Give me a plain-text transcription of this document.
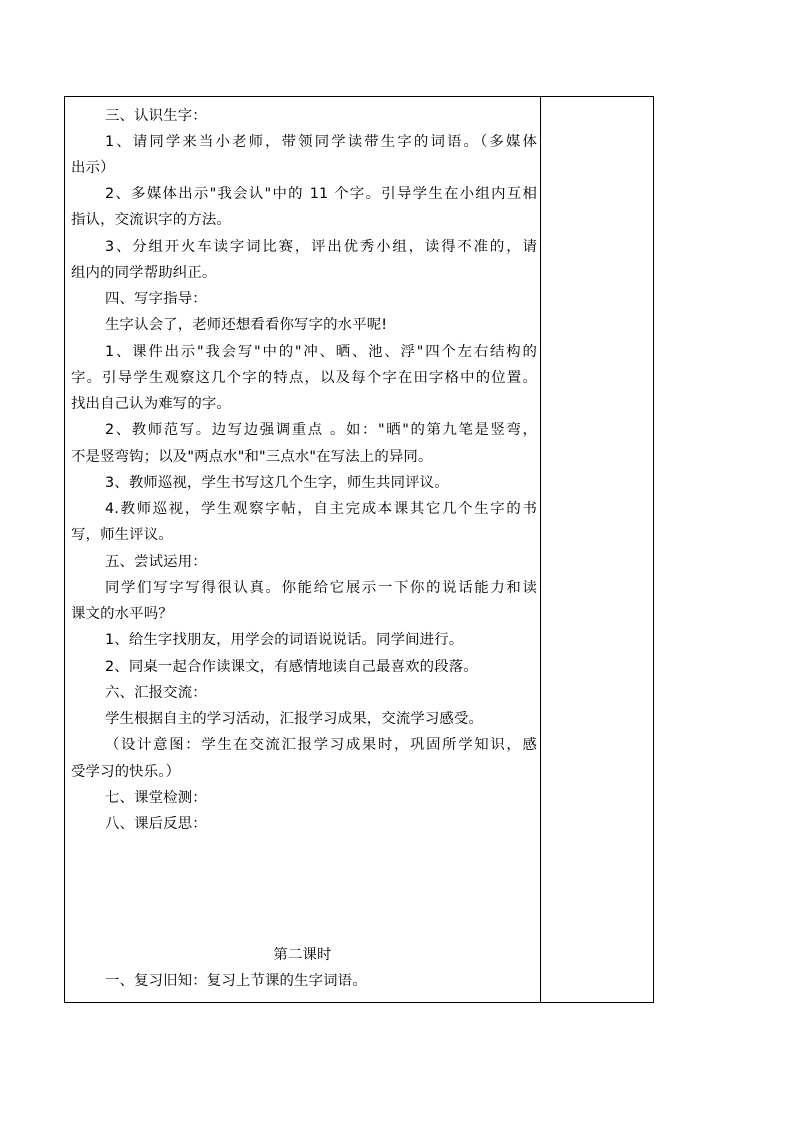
三、认识生字：
1、请同学来当小老师，带领同学读带生字的词语。（多媒体
出示）
2、多媒体出示"我会认"中的 11 个字。引导学生在小组内互相
指认，交流识字的方法。
3、分组开火车读字词比赛，评出优秀小组，读得不准的，请
组内的同学帮助纠正。
四、写字指导：
生字认会了，老师还想看看你写字的水平呢!
1、课件出示"我会写"中的"冲、晒、池、浮"四个左右结构的
字。引导学生观察这几个字的特点，以及每个字在田字格中的位置。
找出自己认为难写的字。
2、教师范写。边写边强调重点 。如："晒"的第九笔是竖弯，
不是竖弯钩；以及"两点水"和"三点水"在写法上的异同。
3、教师巡视，学生书写这几个生字，师生共同评议。
4.教师巡视，学生观察字帖，自主完成本课其它几个生字的书
写，师生评议。
五、尝试运用：
同学们写字写得很认真。你能给它展示一下你的说话能力和读
课文的水平吗？
1、给生字找朋友，用学会的词语说说话。同学间进行。
2、同桌一起合作读课文，有感情地读自己最喜欢的段落。
六、汇报交流：
学生根据自主的学习活动，汇报学习成果，交流学习感受。
（设计意图：学生在交流汇报学习成果时，巩固所学知识，感
受学习的快乐。）
七、课堂检测：
八、课后反思：
第二课时
一、复习旧知：复习上节课的生字词语。
